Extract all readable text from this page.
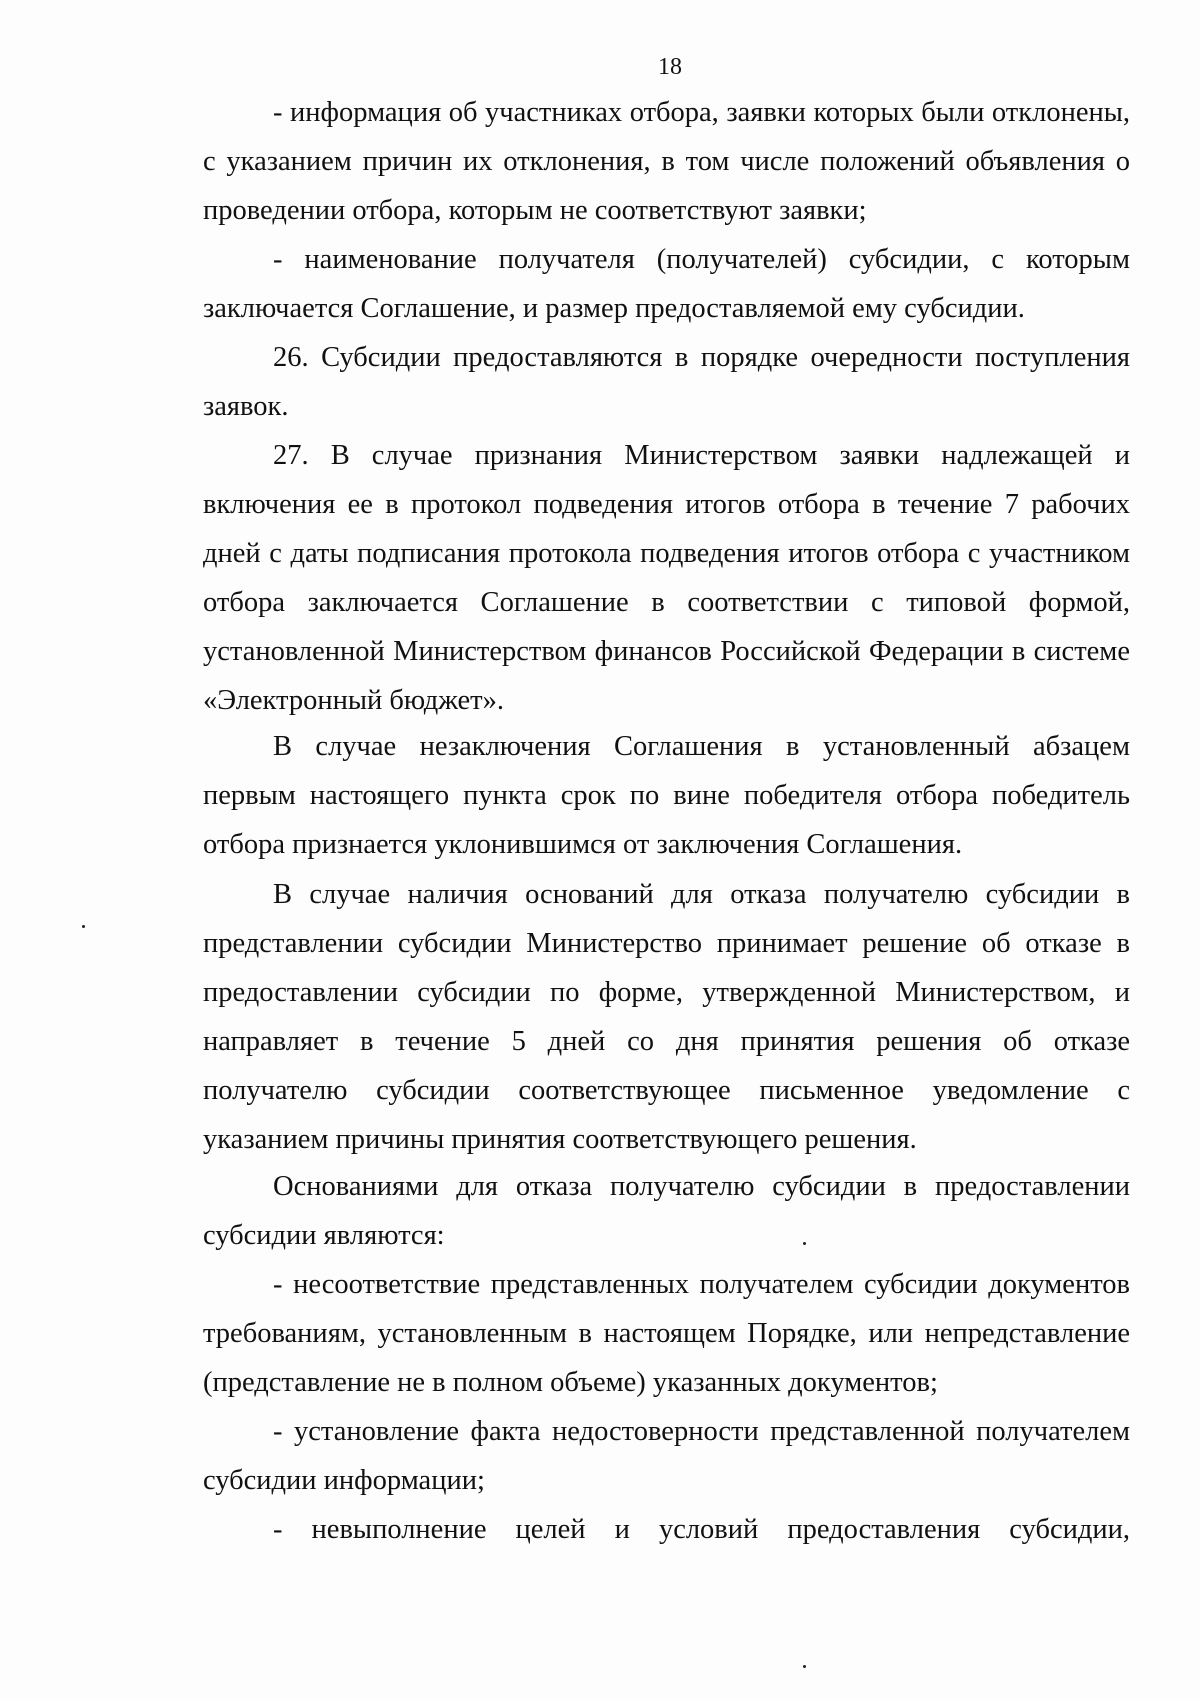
18
- информация об участниках отбора, заявки которых были отклонены, с указанием причин их отклонения, в том числе положений объявления о проведении отбора, которым не соответствуют заявки;
- наименование получателя (получателей) субсидии, с которым заключается Соглашение, и размер предоставляемой ему субсидии.
26. Субсидии предоставляются в порядке очередности поступления заявок.
27. В случае признания Министерством заявки надлежащей и включения ее в протокол подведения итогов отбора в течение 7 рабочих дней с даты подписания протокола подведения итогов отбора с участником отбора заключается Соглашение в соответствии с типовой формой, установленной Министерством финансов Российской Федерации в системе «Электронный бюджет».
В случае незаключения Соглашения в установленный абзацем первым настоящего пункта срок по вине победителя отбора победитель отбора признается уклонившимся от заключения Соглашения.
В случае наличия оснований для отказа получателю субсидии в представлении субсидии Министерство принимает решение об отказе в предоставлении субсидии по форме, утвержденной Министерством, и направляет в течение 5 дней со дня принятия решения об отказе получателю субсидии соответствующее письменное уведомление с указанием причины принятия соответствующего решения.
Основаниями для отказа получателю субсидии в предоставлении субсидии являются:
- несоответствие представленных получателем субсидии документов требованиям, установленным в настоящем Порядке, или непредставление (представление не в полном объеме) указанных документов;
- установление факта недостоверности представленной получателем субсидии информации;
- невыполнение целей и условий предоставления субсидии,
